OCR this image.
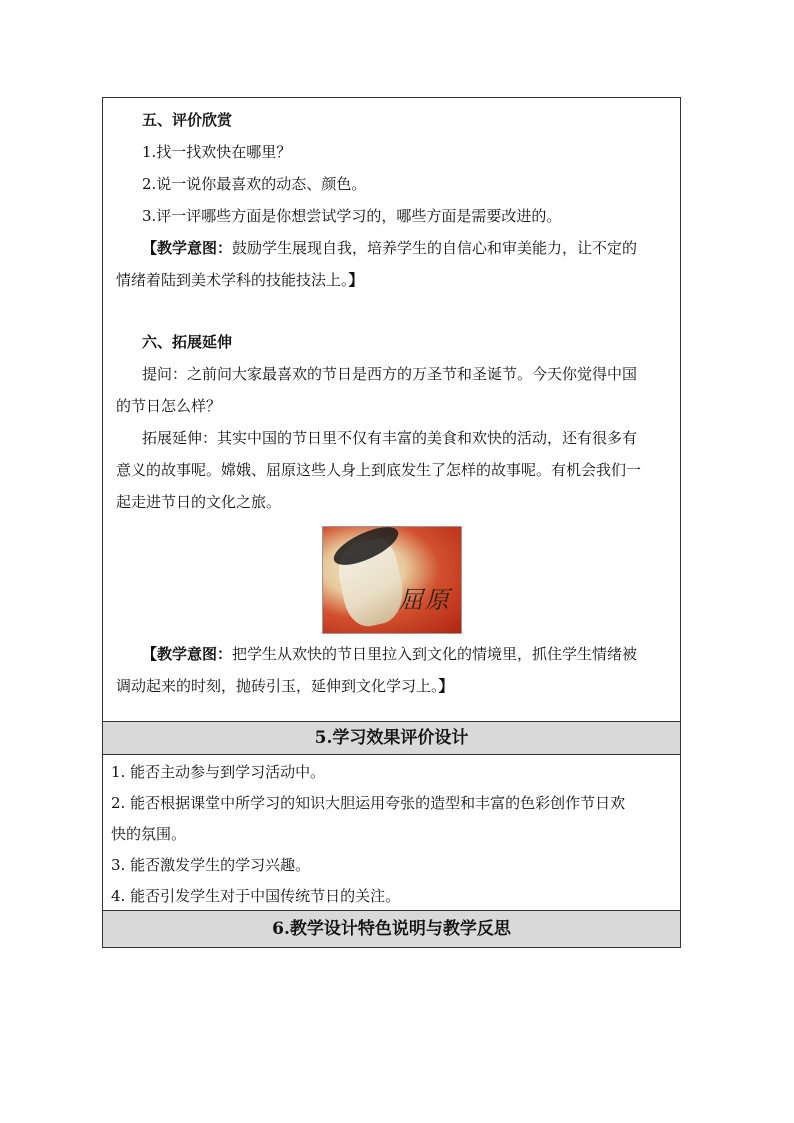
五、评价欣赏

1.找一找欢快在哪里？

2.说一说你最喜欢的动态、颜色。

3.评一评哪些方面是你想尝试学习的，哪些方面是需要改进的。

【教学意图：鼓励学生展现自我，培养学生的自信心和审美能力，让不定的

情绪着陆到美术学科的技能技法上。】

六、拓展延伸

提问：之前问大家最喜欢的节日是西方的万圣节和圣诞节。今天你觉得中国

的节日怎么样？

拓展延伸：其实中国的节日里不仅有丰富的美食和欢快的活动，还有很多有

意义的故事呢。嫦娥、屈原这些人身上到底发生了怎样的故事呢。有机会我们一

起走进节日的文化之旅。

屈原

【教学意图：把学生从欢快的节日里拉入到文化的情境里，抓住学生情绪被

调动起来的时刻，抛砖引玉，延伸到文化学习上。】

5.学习效果评价设计

1. 能否主动参与到学习活动中。

2. 能否根据课堂中所学习的知识大胆运用夸张的造型和丰富的色彩创作节日欢

快的氛围。

3. 能否激发学生的学习兴趣。

4. 能否引发学生对于中国传统节日的关注。

6.教学设计特色说明与教学反思
